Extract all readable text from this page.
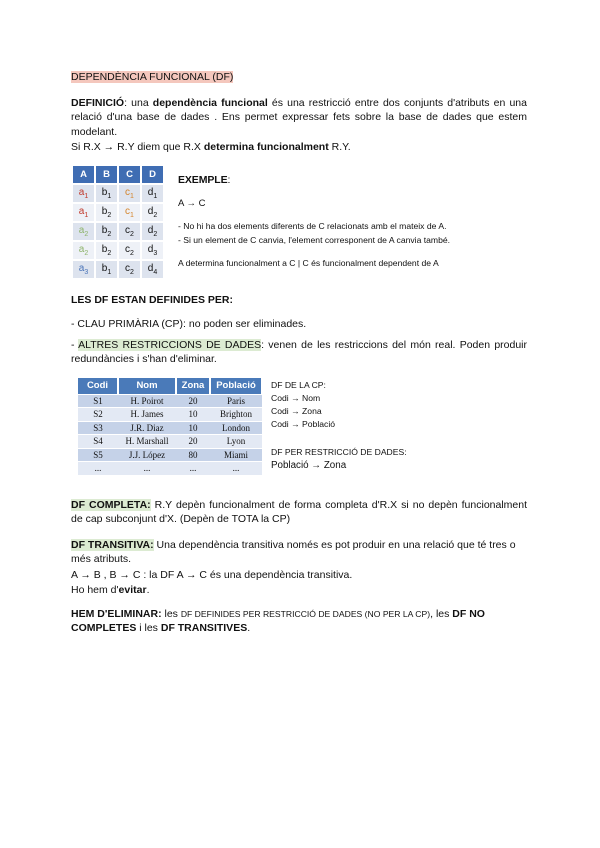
DEPENDÈNCIA FUNCIONAL (DF)
DEFINICIÓ: una dependència funcional és una restricció entre dos conjunts d'atributs en una relació d'una base de dades . Ens permet expressar fets sobre la base de dades que estem modelant.
Si R.X → R.Y diem que R.X determina funcionalment R.Y.
A	B	C	D
$a_1$	$b_1$	$c_1$	$d_1$
$a_1$	$b_2$	$c_1$	$d_2$
$a_2$	$b_2$	$c_2$	$d_2$
$a_2$	$b_2$	$c_2$	$d_3$
$a_3$	$b_1$	$c_2$	$d_4$
EXEMPLE:
A → C
- No hi ha dos elements diferents de C relacionats amb el mateix de A.
- Si un element de C canvia, l'element corresponent de A canvia també.
A determina funcionalment a C | C és funcionalment dependent de A
LES DF ESTAN DEFINIDES PER:
- CLAU PRIMÀRIA (CP): no poden ser eliminades.
- ALTRES RESTRICCIONS DE DADES: venen de les restriccions del món real. Poden produir redundàncies i s'han d'eliminar.
Codi	Nom	Zona	Població
S1	H. Poirot	20	Paris
S2	H. James	10	Brighton
S3	J.R. Diaz	10	London
S4	H. Marshall	20	Lyon
S5	J.J. López	80	Miami
...	...	...	...
DF DE LA CP:
Codi → Nom
Codi → Zona
Codi → Població
DF PER RESTRICCIÓ DE DADES:
Població → Zona
DF COMPLETA: R.Y depèn funcionalment de forma completa d'R.X si no depèn funcionalment de cap subconjunt d'X. (Depèn de TOTA la CP)
DF TRANSITIVA: Una dependència transitiva només es pot produir en una relació que té tres o més atributs.
A → B , B → C : la DF A → C és una dependència transitiva.
Ho hem d'evitar.
HEM D'ELIMINAR: les DF DEFINIDES PER RESTRICCIÓ DE DADES (NO PER LA CP), les DF NO COMPLETES i les DF TRANSITIVES.
